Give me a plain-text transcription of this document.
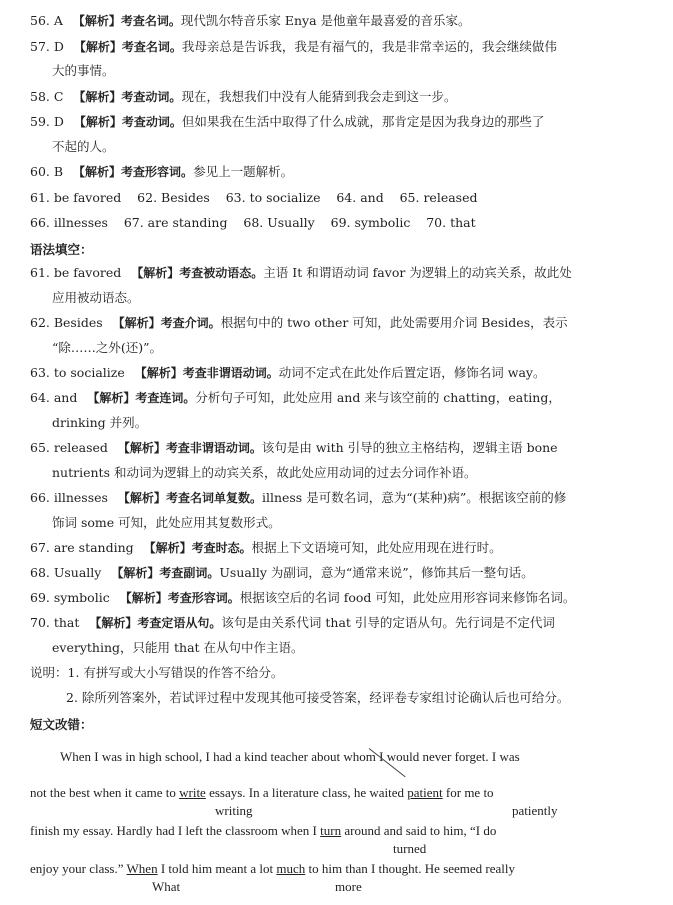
56. A 【解析】考查名词。现代凯尔特音乐家 Enya 是他童年最喜爱的音乐家。
57. D 【解析】考查名词。我母亲总是告诉我，我是有福气的，我是非常幸运的，我会继续做伟
大的事情。
58. C 【解析】考查动词。现在，我想我们中没有人能猜到我会走到这一步。
59. D 【解析】考查动词。但如果我在生活中取得了什么成就，那肯定是因为我身边的那些了
不起的人。
60. B 【解析】考查形容词。参见上一题解析。
61. be favored    62. Besides    63. to socialize    64. and    65. released
66. illnesses    67. are standing    68. Usually    69. symbolic    70. that
语法填空：
61. be favored 【解析】考查被动语态。主语 It 和谓语动词 favor 为逻辑上的动宾关系，故此处
应用被动语态。
62. Besides 【解析】考查介词。根据句中的 two other 可知，此处需要用介词 Besides，表示
“除……之外(还)”。
63. to socialize 【解析】考查非谓语动词。动词不定式在此处作后置定语，修饰名词 way。
64. and 【解析】考查连词。分析句子可知，此处应用 and 来与该空前的 chatting，eating，
drinking 并列。
65. released 【解析】考查非谓语动词。该句是由 with 引导的独立主格结构，逻辑主语 bone
nutrients 和动词为逻辑上的动宾关系，故此处应用动词的过去分词作补语。
66. illnesses 【解析】考查名词单复数。illness 是可数名词，意为“(某种)病”。根据该空前的修
饰词 some 可知，此处应用其复数形式。
67. are standing 【解析】考查时态。根据上下文语境可知，此处应用现在进行时。
68. Usually 【解析】考查副词。Usually 为副词，意为“通常来说”，修饰其后一整句话。
69. symbolic 【解析】考查形容词。根据该空后的名词 food 可知，此处应用形容词来修饰名词。
70. that 【解析】考查定语从句。该句是由关系代词 that 引导的定语从句。先行词是不定代词
everything，只能用 that 在从句中作主语。
说明：1. 有拼写或大小写错误的作答不给分。
2. 除所列答案外，若试评过程中发现其他可接受答案，经评卷专家组讨论确认后也可给分。
短文改错：
When I was in high school, I had a kind teacher about whom I would never forget. I was
not the best when it came to write essays. In a literature class, he waited patient for me to
writing	patiently
finish my essay. Hardly had I left the classroom when I turn around and said to him, “I do
turned
enjoy your class.” When I told him meant a lot much to him than I thought. He seemed really
What	more
